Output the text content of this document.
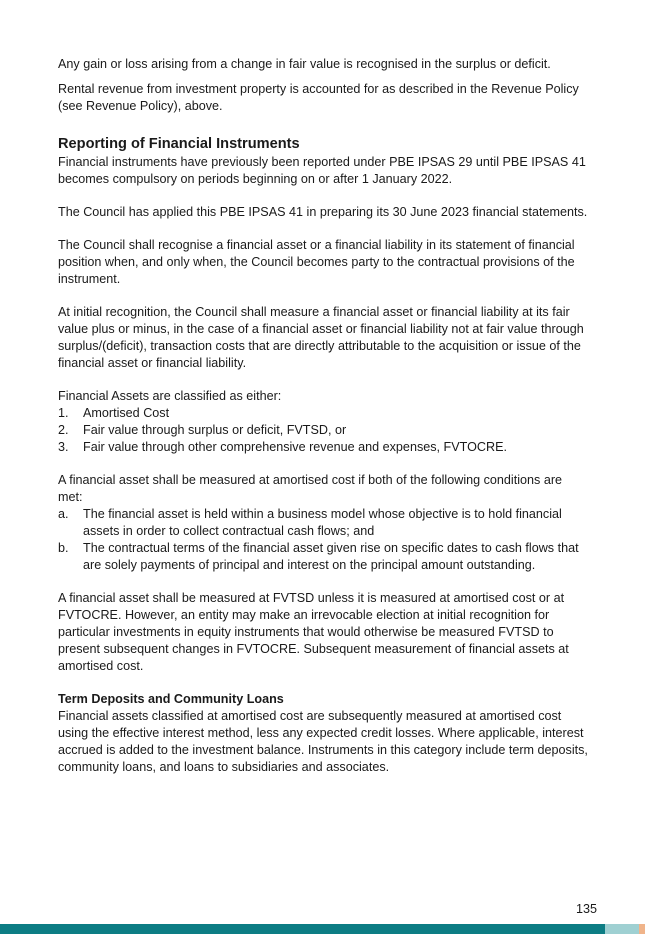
Any gain or loss arising from a change in fair value is recognised in the surplus or deficit.

Rental revenue from investment property is accounted for as described in the Revenue Policy (see Revenue Policy), above.

Reporting of Financial Instruments

Financial instruments have previously been reported under PBE IPSAS 29 until PBE IPSAS 41 becomes compulsory on periods beginning on or after 1 January 2022.

The Council has applied this PBE IPSAS 41 in preparing its 30 June 2023 financial statements.

The Council shall recognise a financial asset or a financial liability in its statement of financial position when, and only when, the Council becomes party to the contractual provisions of the instrument.

At initial recognition, the Council shall measure a financial asset or financial liability at its fair value plus or minus, in the case of a financial asset or financial liability not at fair value through surplus/(deficit), transaction costs that are directly attributable to the acquisition or issue of the financial asset or financial liability.

Financial Assets are classified as either:

1.	Amortised Cost
2.	Fair value through surplus or deficit, FVTSD, or
3.	Fair value through other comprehensive revenue and expenses, FVTOCRE.

A financial asset shall be measured at amortised cost if both of the following conditions are met:

a.	The financial asset is held within a business model whose objective is to hold financial assets in order to collect contractual cash flows; and
b.	The contractual terms of the financial asset given rise on specific dates to cash flows that are solely payments of principal and interest on the principal amount outstanding.

A financial asset shall be measured at FVTSD unless it is measured at amortised cost or at FVTOCRE. However, an entity may make an irrevocable election at initial recognition for particular investments in equity instruments that would otherwise be measured FVTSD to present subsequent changes in FVTOCRE. Subsequent measurement of financial assets at amortised cost.

Term Deposits and Community Loans

Financial assets classified at amortised cost are subsequently measured at amortised cost using the effective interest method, less any expected credit losses. Where applicable, interest accrued is added to the investment balance. Instruments in this category include term deposits, community loans, and loans to subsidiaries and associates.

135
